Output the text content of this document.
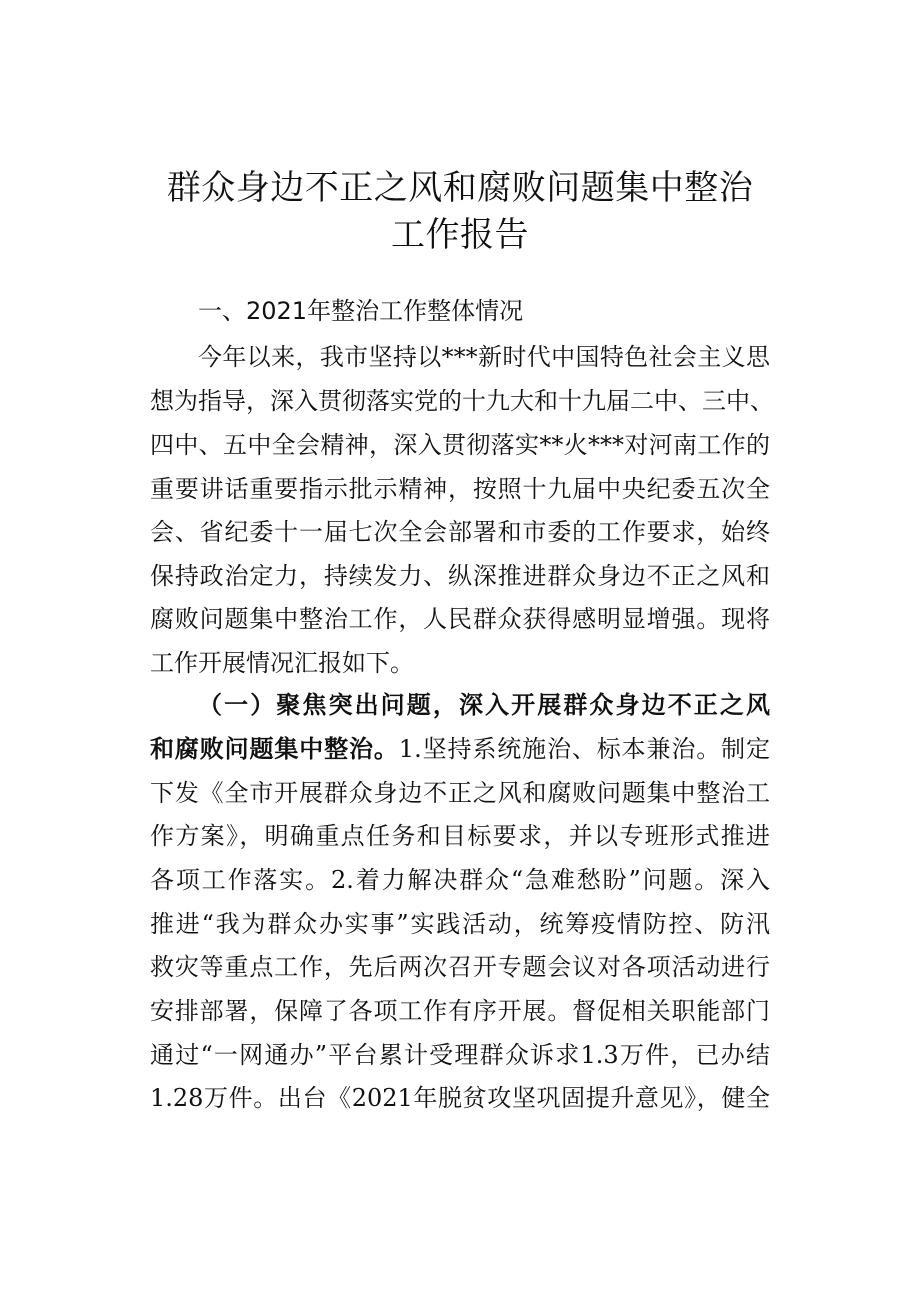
群众身边不正之风和腐败问题集中整治
工作报告
一、2021年整治工作整体情况
今年以来，我市坚持以***新时代中国特色社会主义思
想为指导，深入贯彻落实党的十九大和十九届二中、三中、
四中、五中全会精神，深入贯彻落实**火***对河南工作的
重要讲话重要指示批示精神，按照十九届中央纪委五次全
会、省纪委十一届七次全会部署和市委的工作要求，始终
保持政治定力，持续发力、纵深推进群众身边不正之风和
腐败问题集中整治工作，人民群众获得感明显增强。现将
工作开展情况汇报如下。
（一）聚焦突出问题，深入开展群众身边不正之风
和腐败问题集中整治。1.坚持系统施治、标本兼治。制定
下发《全市开展群众身边不正之风和腐败问题集中整治工
作方案》，明确重点任务和目标要求，并以专班形式推进
各项工作落实。2.着力解决群众“急难愁盼”问题。深入
推进“我为群众办实事”实践活动，统筹疫情防控、防汛
救灾等重点工作，先后两次召开专题会议对各项活动进行
安排部署，保障了各项工作有序开展。督促相关职能部门
通过“一网通办”平台累计受理群众诉求1.3万件，已办结
1.28万件。出台《2021年脱贫攻坚巩固提升意见》，健全
